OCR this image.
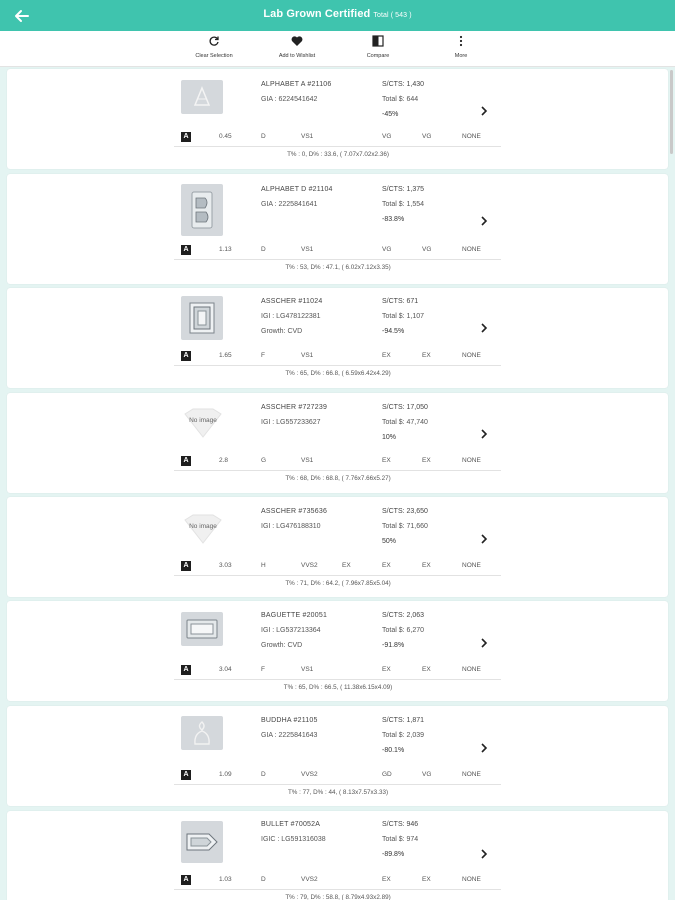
Lab Grown Certified Total ( 543 )
Clear Selection	Add to Wishlist	Compare	More
ALPHABET A #21106
GIA : 6224541642
S/CTS: 1,430
Total $: 644
-45%
A	0.45	D	VS1	VG	VG	NONE
T% : 0, D% : 33.6, ( 7.07x7.02x2.36)
ALPHABET D #21104
GIA : 2225841641
S/CTS: 1,375
Total $: 1,554
-83.8%
A	1.13	D	VS1	VG	VG	NONE
T% : 53, D% : 47.1, ( 6.02x7.12x3.35)
ASSCHER #11024
IGI : LG478122381
Growth: CVD
S/CTS: 671
Total $: 1,107
-94.5%
A	1.65	F	VS1	EX	EX	NONE
T% : 65, D% : 66.8, ( 6.59x6.42x4.29)
No image
ASSCHER #727239
IGI : LG557233627
S/CTS: 17,050
Total $: 47,740
10%
A	2.8	G	VS1	EX	EX	NONE
T% : 68, D% : 68.8, ( 7.76x7.66x5.27)
No image
ASSCHER #735636
IGI : LG476188310
S/CTS: 23,650
Total $: 71,660
50%
A	3.03	H	VVS2	EX	EX	EX	NONE
T% : 71, D% : 64.2, ( 7.96x7.85x5.04)
BAGUETTE #20051
IGI : LG537213364
Growth: CVD
S/CTS: 2,063
Total $: 6,270
-91.8%
A	3.04	F	VS1	EX	EX	NONE
T% : 65, D% : 66.5, ( 11.38x6.15x4.09)
BUDDHA #21105
GIA : 2225841643
S/CTS: 1,871
Total $: 2,039
-80.1%
A	1.09	D	VVS2	GD	VG	NONE
T% : 77, D% : 44, ( 8.13x7.57x3.33)
BULLET #70052A
IGIC : LG591316038
S/CTS: 946
Total $: 974
-89.8%
A	1.03	D	VVS2	EX	EX	NONE
T% : 79, D% : 58.8, ( 8.79x4.93x2.89)
